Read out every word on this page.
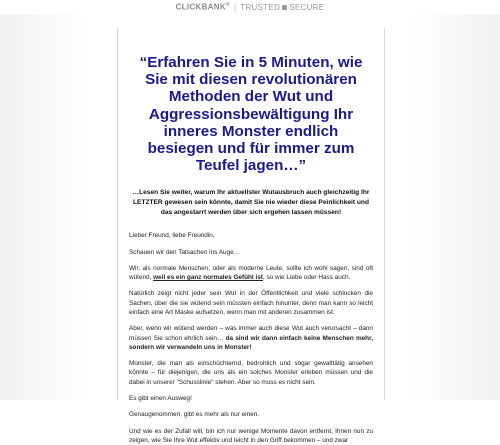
CLICKBANK® | TRUSTED SECURE
“Erfahren Sie in 5 Minuten, wie Sie mit diesen revolutionären Methoden der Wut und Aggressionsbewältigung Ihr inneres Monster endlich besiegen und für immer zum Teufel jagen…”
…Lesen Sie weiter, warum Ihr aktuellster Wutausbruch auch gleichzeitig Ihr LETZTER gewesen sein könnte, damit Sie nie wieder diese Peinlichkeit und das angestarrt werden über sich ergehen lassen müssen!

Lieber Freund, liebe Freundin,

Schauen wir den Tatsachen ins Auge…

Wir, als normale Menschen, oder als moderne Leute, sollte ich wohl sagen, sind oft wütend, weil es ein ganz normales Gefühl ist, so wie Liebe oder Hass auch.

Natürlich zeigt nicht jeder sein Wut in der Öffentlichkeit und viele schlucken die Sachen, über die sie wütend sein müssten einfach hinunter, denn man kann so leicht einfach eine Art Maske aufsetzen, wenn man mit anderen zusammen ist.

Aber, wenn wir wütend werden – was immer auch diese Wut auch verursacht – dann müssen Sie schon ehrlich sein… da sind wir dann einfach keine Menschen mehr, sondern wir verwandeln uns in Monster!

Monster, die man als einschüchternd, bedrohlich und sogar gewalttätig ansehen könnte – für diejenigen, die uns als ein solches Monster erleben müssen und die dabei in unserer "Schusslinie" stehen. Aber so muss es nicht sein.

Es gibt einen Ausweg!

Genaugenommen, gibt es mehr als nur einen.

Und wie es der Zufall will, bin ich nur wenige Momente davon entfernt, Ihnen nun zu zeigen, wie Sie Ihre Wut effektiv und leicht in den Griff bekommen – und zwar
